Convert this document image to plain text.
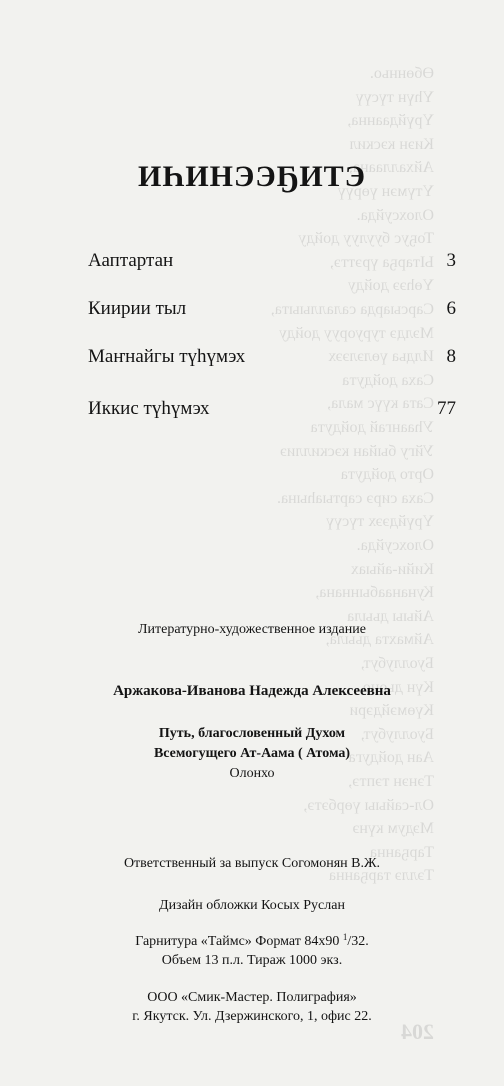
Өбөнньо.
Үһүн түсүү
Үрүйдаанна,
Киэн кэскил
Айхаллаана,
Үтүмэн үөрүү
Олохсуйда.
Тоҕус буулуу дойду
Ытарҕа үрэттэ,
Үөһээ дойду
Сарсыарда салаллыыта,
Мэлдэ туруоруу дойду
Илдьа үөлэлээх
Саха дойдута
Сата күүс мала,
Уһаангай дойдута
Уйгу быйан кэскиллиэ
Орто дойдута
Саха сирэ сартыаһына.
Үрүйдээх түсүү
Олохсуйда.
Кийи-айыах
Кунанаабыннана,
Айыы дьыла
Аймахта дьыла,
Буоллубут,
Күн дьоно
Күөмэйдэри
Буоллубут,
Аан дойдуга
Тэнэн тэптэ,
Ол-сайыы үөрбэтэ,
Мэдум күнэ
Тарҕанна
Тэллэ тарҕанна
204
ИҺИНЭЭҔИТЭ
Ааптартан	3
Киирии тыл	6
Маҥнайгы түһүмэх	8
Иккис түһүмэх	77
Литературно-художественное издание
Аржакова-Иванова Надежда Алексеевна
Путь, благословенный Духом
Всемогущего Ат-Аама ( Атома)
Олонхо
Ответственный за выпуск Согомонян В.Ж.
Дизайн обложки Косых Руслан
Гарнитура «Таймс» Формат 84х90 $^1$/32.
Объем 13 п.л. Тираж 1000 экз.
ООО «Смик-Мастер. Полиграфия»
г. Якутск. Ул. Дзержинского, 1, офис 22.
